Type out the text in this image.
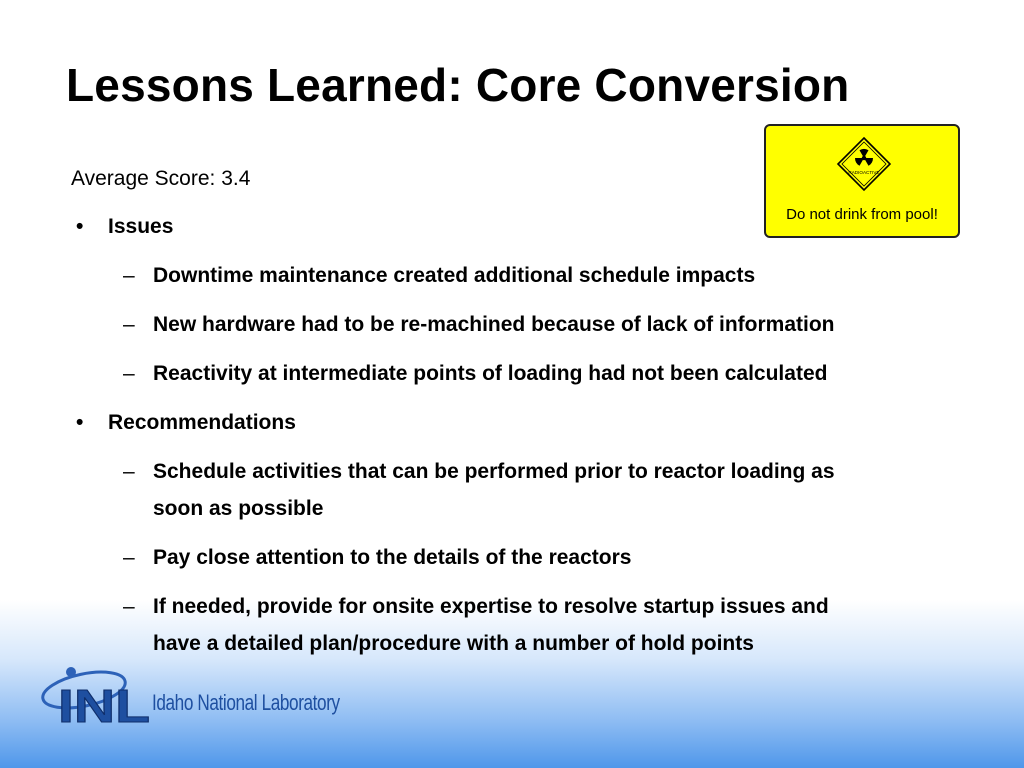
Lessons Learned: Core Conversion
Average Score: 3.4
• Issues
– Downtime maintenance created additional schedule impacts
– New hardware had to be re-machined because of lack of information
– Reactivity at intermediate points of loading had not been calculated
• Recommendations
– Schedule activities that can be performed prior to reactor loading as
soon as possible
– Pay close attention to the details of the reactors
– If needed, provide for onsite expertise to resolve startup issues and
have a detailed plan/procedure with a number of hold points
RADIOACTIVE
Do not drink from pool!
INL Idaho National Laboratory
